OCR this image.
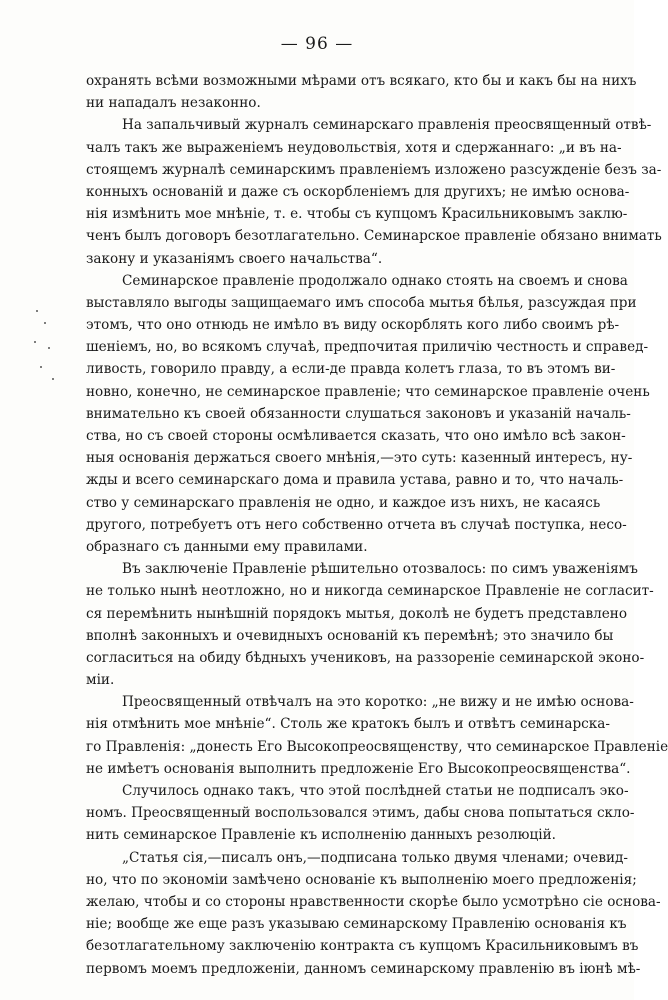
— 96 —
охранять всѣми возможными мѣрами отъ всякаго, кто бы и какъ бы на нихъ
ни нападалъ незаконно.
На запальчивый журналъ семинарскаго правленія преосвященный отвѣ-
чалъ такъ же выраженіемъ неудовольствія, хотя и сдержаннаго: „и въ на-
стоящемъ журналѣ семинарскимъ правленіемъ изложено разсужденіе безъ за-
конныхъ основаній и даже съ оскорбленіемъ для другихъ; не имѣю основа-
нія измѣнить мое мнѣніе, т. е. чтобы съ купцомъ Красильниковымъ заклю-
ченъ былъ договоръ безотлагательно. Семинарское правленіе обязано внимать
закону и указаніямъ своего начальства“.
Семинарское правленіе продолжало однако стоять на своемъ и снова
выставляло выгоды защищаемаго имъ способа мытья бѣлья, разсуждая при
этомъ, что оно отнюдь не имѣло въ виду оскорблять кого либо своимъ рѣ-
шеніемъ, но, во всякомъ случаѣ, предпочитая приличію честность и справед-
ливость, говорило правду, а если-де правда колетъ глаза, то въ этомъ ви-
новно, конечно, не семинарское правленіе; что семинарское правленіе очень
внимательно къ своей обязанности слушаться законовъ и указаній началь-
ства, но съ своей стороны осмѣливается сказать, что оно имѣло всѣ закон-
ныя основанія держаться своего мнѣнія,—это суть: казенный интересъ, ну-
жды и всего семинарскаго дома и правила устава, равно и то, что началь-
ство у семинарскаго правленія не одно, и каждое изъ нихъ, не касаясь
другого, потребуетъ отъ него собственно отчета въ случаѣ поступка, несо-
образнаго съ данными ему правилами.
Въ заключеніе Правленіе рѣшительно отозвалось: по симъ уваженіямъ
не только нынѣ неотложно, но и никогда семинарское Правленіе не согласит-
ся перемѣнить нынѣшній порядокъ мытья, доколѣ не будетъ представлено
вполнѣ законныхъ и очевидныхъ основаній къ перемѣнѣ; это значило бы
согласиться на обиду бѣдныхъ учениковъ, на раззореніе семинарской эконо-
міи.
Преосвященный отвѣчалъ на это коротко: „не вижу и не имѣю основа-
нія отмѣнить мое мнѣніе“. Столь же кратокъ былъ и отвѣтъ семинарска-
го Правленія: „донесть Его Высокопреосвященству, что семинарское Правленіе
не имѣетъ основанія выполнить предложеніе Его Высокопреосвященства“.
Случилось однако такъ, что этой послѣдней статьи не подписалъ эко-
номъ. Преосвященный воспользовался этимъ, дабы снова попытаться скло-
нить семинарское Правленіе къ исполненію данныхъ резолюцій.
„Статья сія,—писалъ онъ,—подписана только двумя членами; очевид-
но, что по экономіи замѣчено основаніе къ выполненію моего предложенія;
желаю, чтобы и со стороны нравственности скорѣе было усмотрѣно сіе основа-
ніе; вообще же еще разъ указываю семинарскому Правленію основанія къ
безотлагательному заключенію контракта съ купцомъ Красильниковымъ въ
первомъ моемъ предложеніи, данномъ семинарскому правленію въ іюнѣ мѣ-
